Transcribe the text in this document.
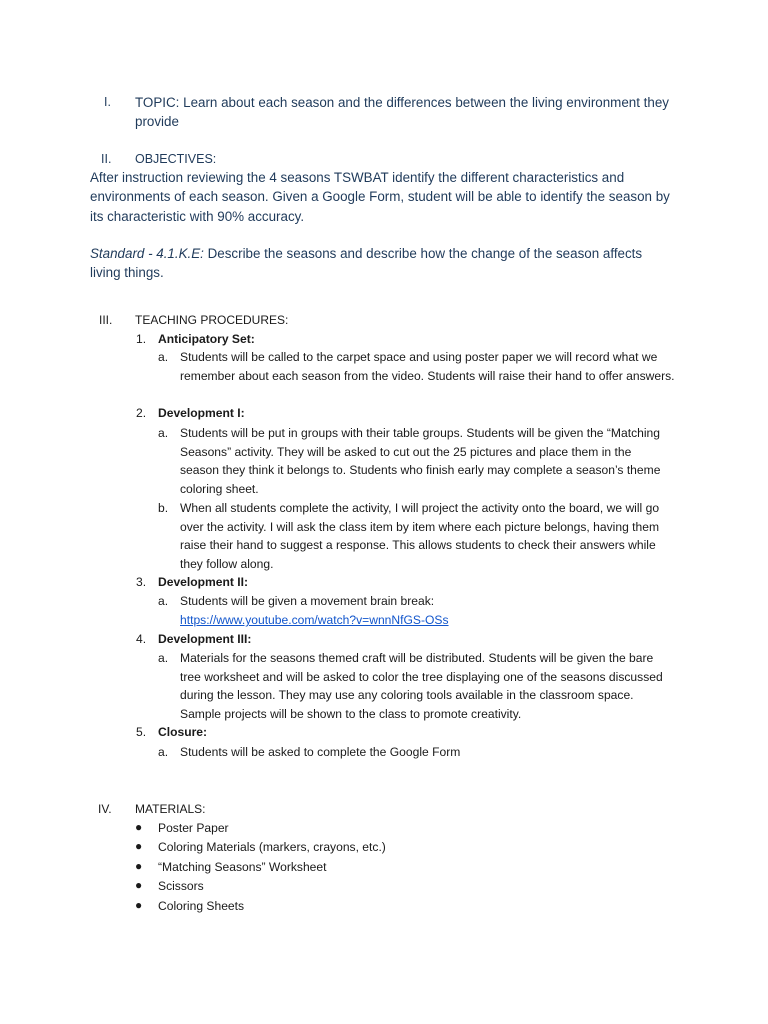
I. TOPIC: Learn about each season and the differences between the living environment they provide
II. OBJECTIVES:
After instruction reviewing the 4 seasons TSWBAT identify the different characteristics and environments of each season. Given a Google Form, student will be able to identify the season by its characteristic with 90% accuracy.
Standard - 4.1.K.E: Describe the seasons and describe how the change of the season affects living things.
III. TEACHING PROCEDURES:
1. Anticipatory Set:
a. Students will be called to the carpet space and using poster paper we will record what we remember about each season from the video. Students will raise their hand to offer answers.
2. Development I:
a. Students will be put in groups with their table groups. Students will be given the “Matching Seasons” activity. They will be asked to cut out the 25 pictures and place them in the season they think it belongs to. Students who finish early may complete a season’s theme coloring sheet.
b. When all students complete the activity, I will project the activity onto the board, we will go over the activity. I will ask the class item by item where each picture belongs, having them raise their hand to suggest a response. This allows students to check their answers while they follow along.
3. Development II:
a. Students will be given a movement brain break:
https://www.youtube.com/watch?v=wnnNfGS-OSs
4. Development III:
a. Materials for the seasons themed craft will be distributed. Students will be given the bare tree worksheet and will be asked to color the tree displaying one of the seasons discussed during the lesson. They may use any coloring tools available in the classroom space. Sample projects will be shown to the class to promote creativity.
5. Closure:
a. Students will be asked to complete the Google Form
IV. MATERIALS:
● Poster Paper
● Coloring Materials (markers, crayons, etc.)
● “Matching Seasons” Worksheet
● Scissors
● Coloring Sheets
